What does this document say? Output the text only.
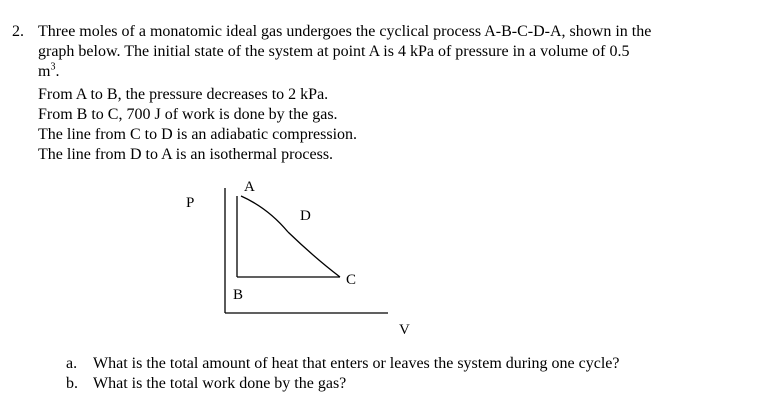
2. Three moles of a monatomic ideal gas undergoes the cyclical process A-B-C-D-A, shown in the
graph below. The initial state of the system at point A is 4 kPa of pressure in a volume of 0.5
$m^3$.
From A to B, the pressure decreases to 2 kPa.
From B to C, 700 J of work is done by the gas.
The line from C to D is an adiabatic compression.
The line from D to A is an isothermal process.
P
V
A
B
C
D
a. What is the total amount of heat that enters or leaves the system during one cycle?
b. What is the total work done by the gas?
